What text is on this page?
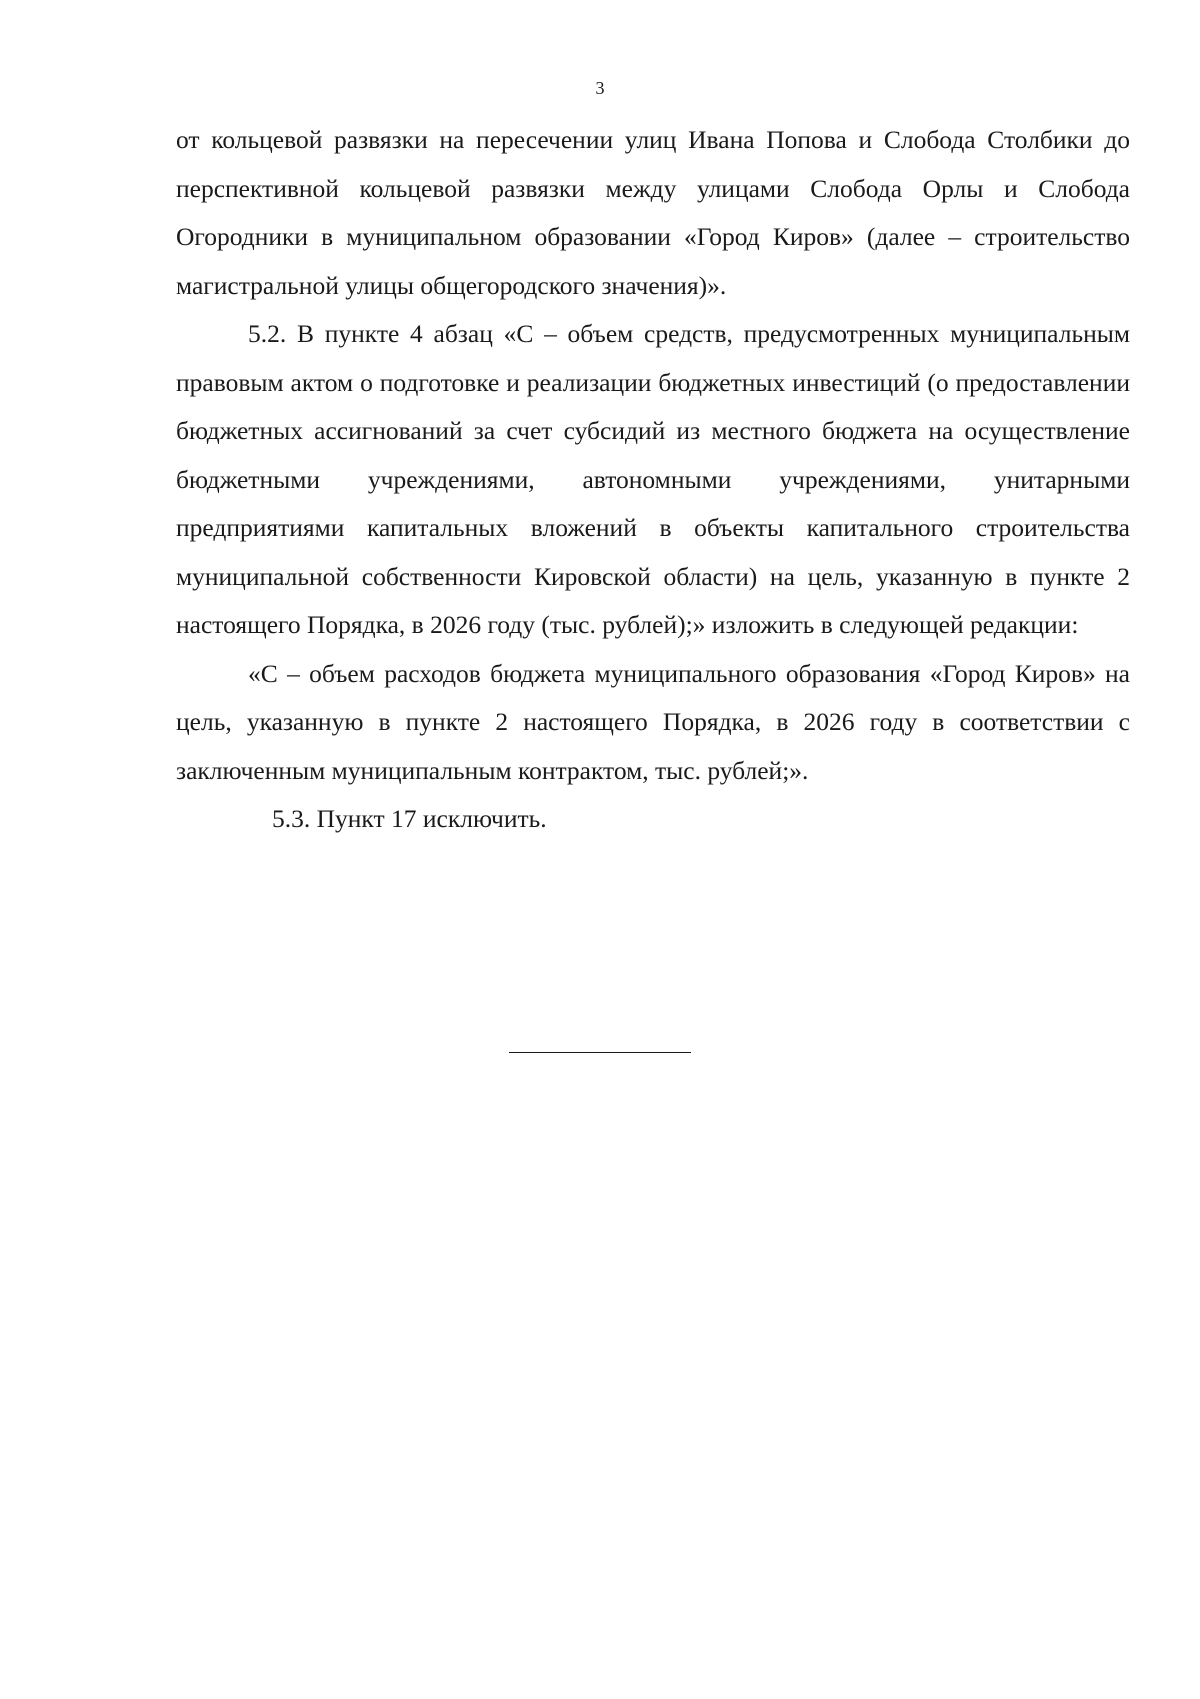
3

от кольцевой развязки на пересечении улиц Ивана Попова и Слобода Столбики до перспективной кольцевой развязки между улицами Слобода Орлы и Слобода Огородники в муниципальном образовании «Город Киров» (далее – строительство магистральной улицы общегородского значения)».

5.2. В пункте 4 абзац «С – объем средств, предусмотренных муниципальным правовым актом о подготовке и реализации бюджетных инвестиций (о предоставлении бюджетных ассигнований за счет субсидий из местного бюджета на осуществление бюджетными учреждениями, автономными учреждениями, унитарными предприятиями капитальных вложений в объекты капитального строительства муниципальной собственности Кировской области) на цель, указанную в пункте 2 настоящего Порядка, в 2026 году (тыс. рублей);» изложить в следующей редакции:

«С – объем расходов бюджета муниципального образования «Город Киров» на цель, указанную в пункте 2 настоящего Порядка, в 2026 году в соответствии с заключенным муниципальным контрактом, тыс. рублей;».

5.3. Пункт 17 исключить.
